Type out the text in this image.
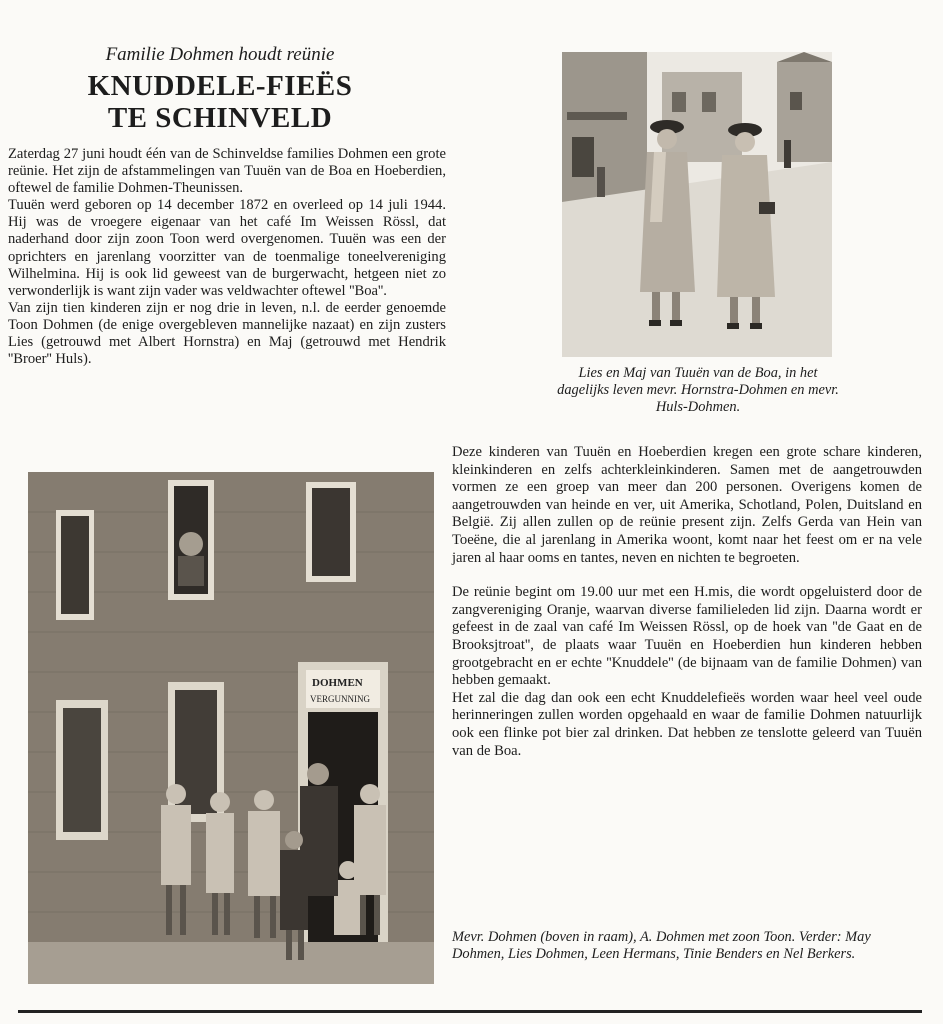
Familie Dohmen houdt reünie
KNUDDELE-FIEËS
TE SCHINVELD

Zaterdag 27 juni houdt één van de Schinveldse families Dohmen een grote reünie. Het zijn de afstammelingen van Tuuën van de Boa en Hoeberdien, oftewel de familie Dohmen-Theunissen.

Tuuën werd geboren op 14 december 1872 en overleed op 14 juli 1944. Hij was de vroegere eigenaar van het café Im Weissen Rössl, dat naderhand door zijn zoon Toon werd overgenomen. Tuuën was een der oprichters en jarenlang voorzitter van de toenmalige toneelvereniging Wilhelmina. Hij is ook lid geweest van de burgerwacht, hetgeen niet zo verwonderlijk is want zijn vader was veldwachter oftewel ''Boa''.

Van zijn tien kinderen zijn er nog drie in leven, n.l. de eerder genoemde Toon Dohmen (de enige overgebleven mannelijke nazaat) en zijn zusters Lies (getrouwd met Albert Hornstra) en Maj (getrouwd met Hendrik ''Broer'' Huls).

Lies en Maj van Tuuën van de Boa, in het dagelijks leven mevr. Hornstra-Dohmen en mevr. Huls-Dohmen.
DOHMEN
VERGUNNING

Deze kinderen van Tuuën en Hoeberdien kregen een grote schare kinderen, kleinkinderen en zelfs achterkleinkinderen. Samen met de aangetrouwden vormen ze een groep van meer dan 200 personen. Overigens komen de aangetrouwden van heinde en ver, uit Amerika, Schotland, Polen, Duitsland en België. Zij allen zullen op de reünie present zijn. Zelfs Gerda van Hein van Toeëne, die al jarenlang in Amerika woont, komt naar het feest om er na vele jaren al haar ooms en tantes, neven en nichten te begroeten.

De reünie begint om 19.00 uur met een H.mis, die wordt opgeluisterd door de zangvereniging Oranje, waarvan diverse familieleden lid zijn. Daarna wordt er gefeest in de zaal van café Im Weissen Rössl, op de hoek van ''de Gaat en de Brooksjtroat'', de plaats waar Tuuën en Hoeberdien hun kinderen hebben grootgebracht en er echte ''Knuddele'' (de bijnaam van de familie Dohmen) van hebben gemaakt.

Het zal die dag dan ook een echt Knuddelefieës worden waar heel veel oude herinneringen zullen worden opgehaald en waar de familie Dohmen natuurlijk ook een flinke pot bier zal drinken. Dat hebben ze tenslotte geleerd van Tuuën van de Boa.

Mevr. Dohmen (boven in raam), A. Dohmen met zoon Toon. Verder: May Dohmen, Lies Dohmen, Leen Hermans, Tinie Benders en Nel Berkers.
